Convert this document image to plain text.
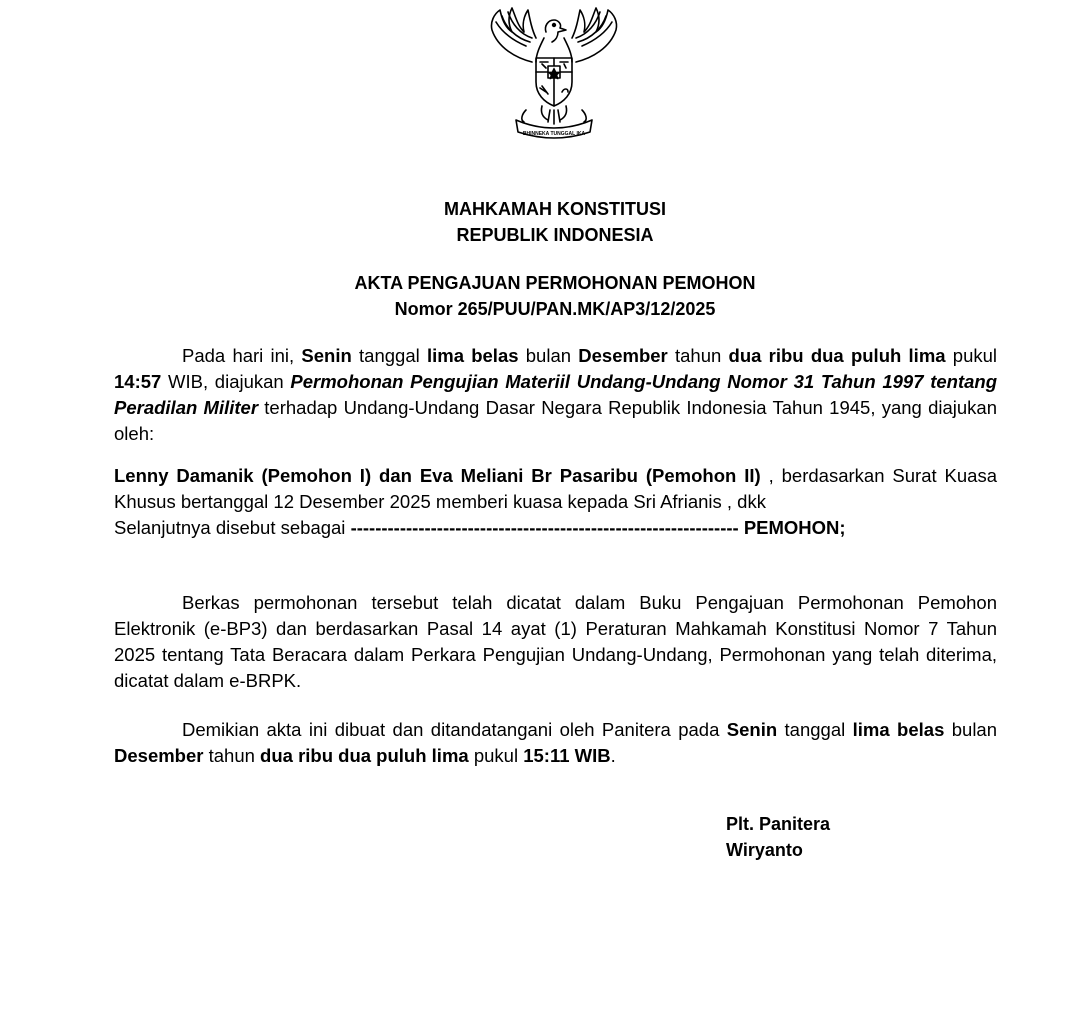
BHINNEKA TUNGGAL IKA
MAHKAMAH KONSTITUSI
REPUBLIK INDONESIA
AKTA PENGAJUAN PERMOHONAN PEMOHON
Nomor 265/PUU/PAN.MK/AP3/12/2025
Pada hari ini, Senin tanggal lima belas bulan Desember tahun dua ribu dua puluh lima pukul 14:57 WIB, diajukan Permohonan Pengujian Materiil Undang-Undang Nomor 31 Tahun 1997 tentang Peradilan Militer terhadap Undang-Undang Dasar Negara Republik Indonesia Tahun 1945, yang diajukan oleh:
Lenny Damanik (Pemohon I) dan Eva Meliani Br Pasaribu (Pemohon II) , berdasarkan Surat Kuasa Khusus bertanggal 12 Desember 2025 memberi kuasa kepada Sri Afrianis , dkk
Selanjutnya disebut sebagai --------------------------------------------------------------- PEMOHON;
Berkas permohonan tersebut telah dicatat dalam Buku Pengajuan Permohonan Pemohon Elektronik (e-BP3) dan berdasarkan Pasal 14 ayat (1) Peraturan Mahkamah Konstitusi Nomor 7 Tahun 2025 tentang Tata Beracara dalam Perkara Pengujian Undang-Undang, Permohonan yang telah diterima, dicatat dalam e-BRPK.
Demikian akta ini dibuat dan ditandatangani oleh Panitera pada Senin tanggal lima belas bulan Desember tahun dua ribu dua puluh lima pukul 15:11 WIB.
Plt. Panitera
Wiryanto
